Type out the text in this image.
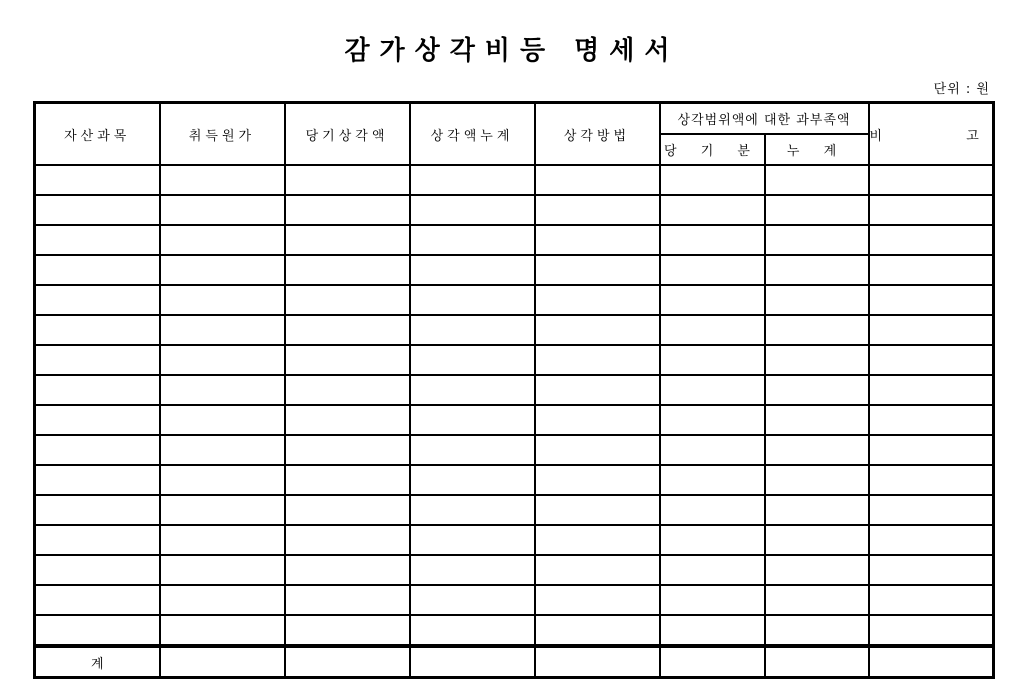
감가상각비등 명세서
단위 : 원
자산과목	취득원가	당기상각액	상각액누계	상각방법	상각범위액에 대한 과부족액		비 고
					당 기 분	누 계	

계							
